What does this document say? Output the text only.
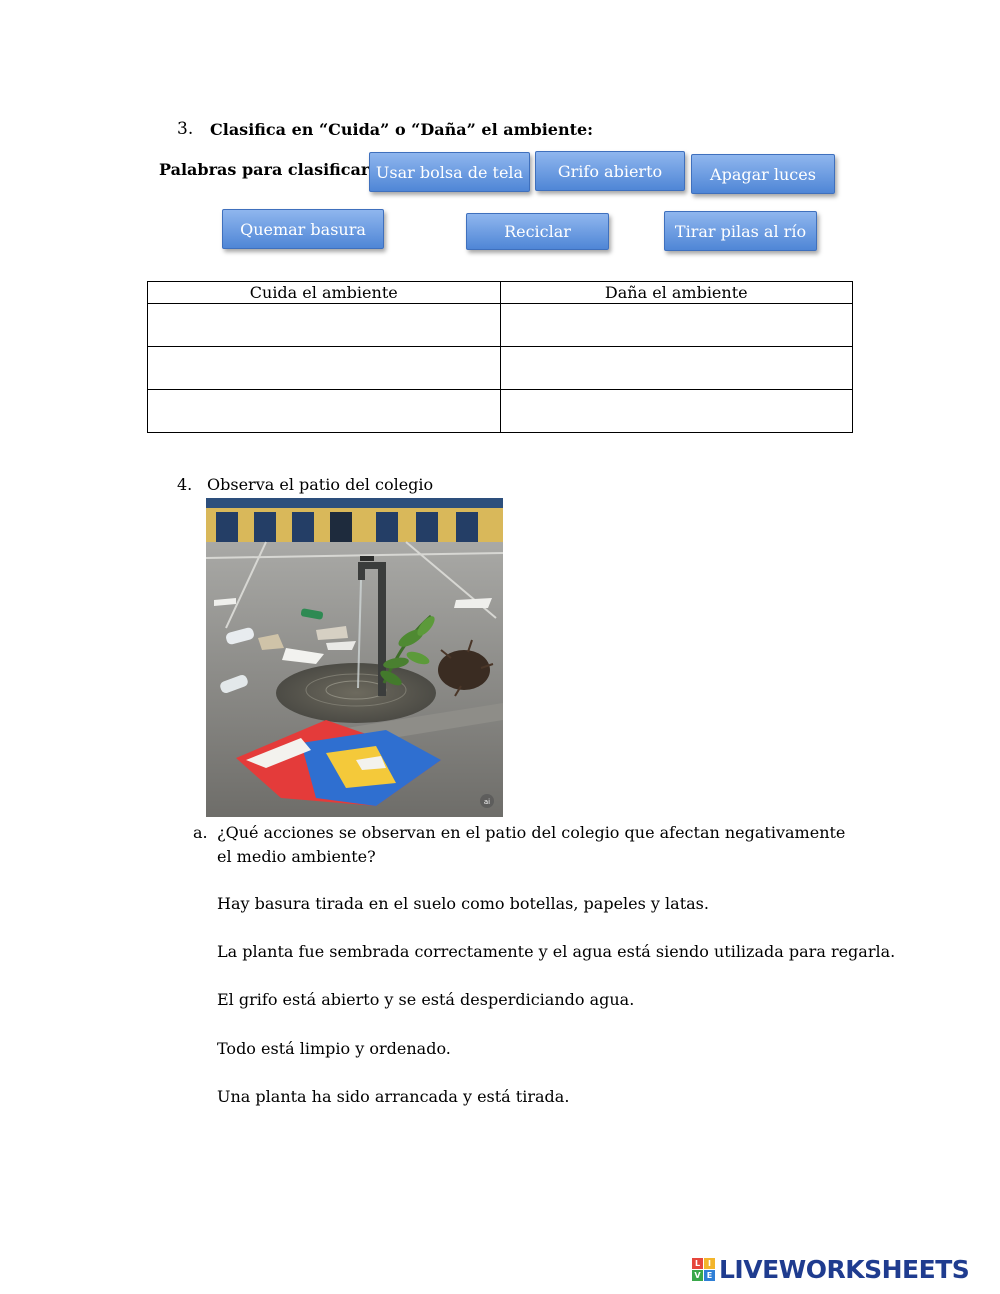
3. Clasifica en “Cuida” o “Daña” el ambiente:
Palabras para clasificar Usar bolsa de tela	Grifo abierto	Apagar luces
Quemar basura	Reciclar	Tirar pilas al río
Cuida el ambiente	Daña el ambiente

4. Observa el patio del colegio
ai
a. ¿Qué acciones se observan en el patio del colegio que afectan negativamente el medio ambiente?
Hay basura tirada en el suelo como botellas, papeles y latas.
La planta fue sembrada correctamente y el agua está siendo utilizada para regarla.
El grifo está abierto y se está desperdiciando agua.
Todo está limpio y ordenado.
Una planta ha sido arrancada y está tirada.
L I
V E LIVEWORKSHEETS
